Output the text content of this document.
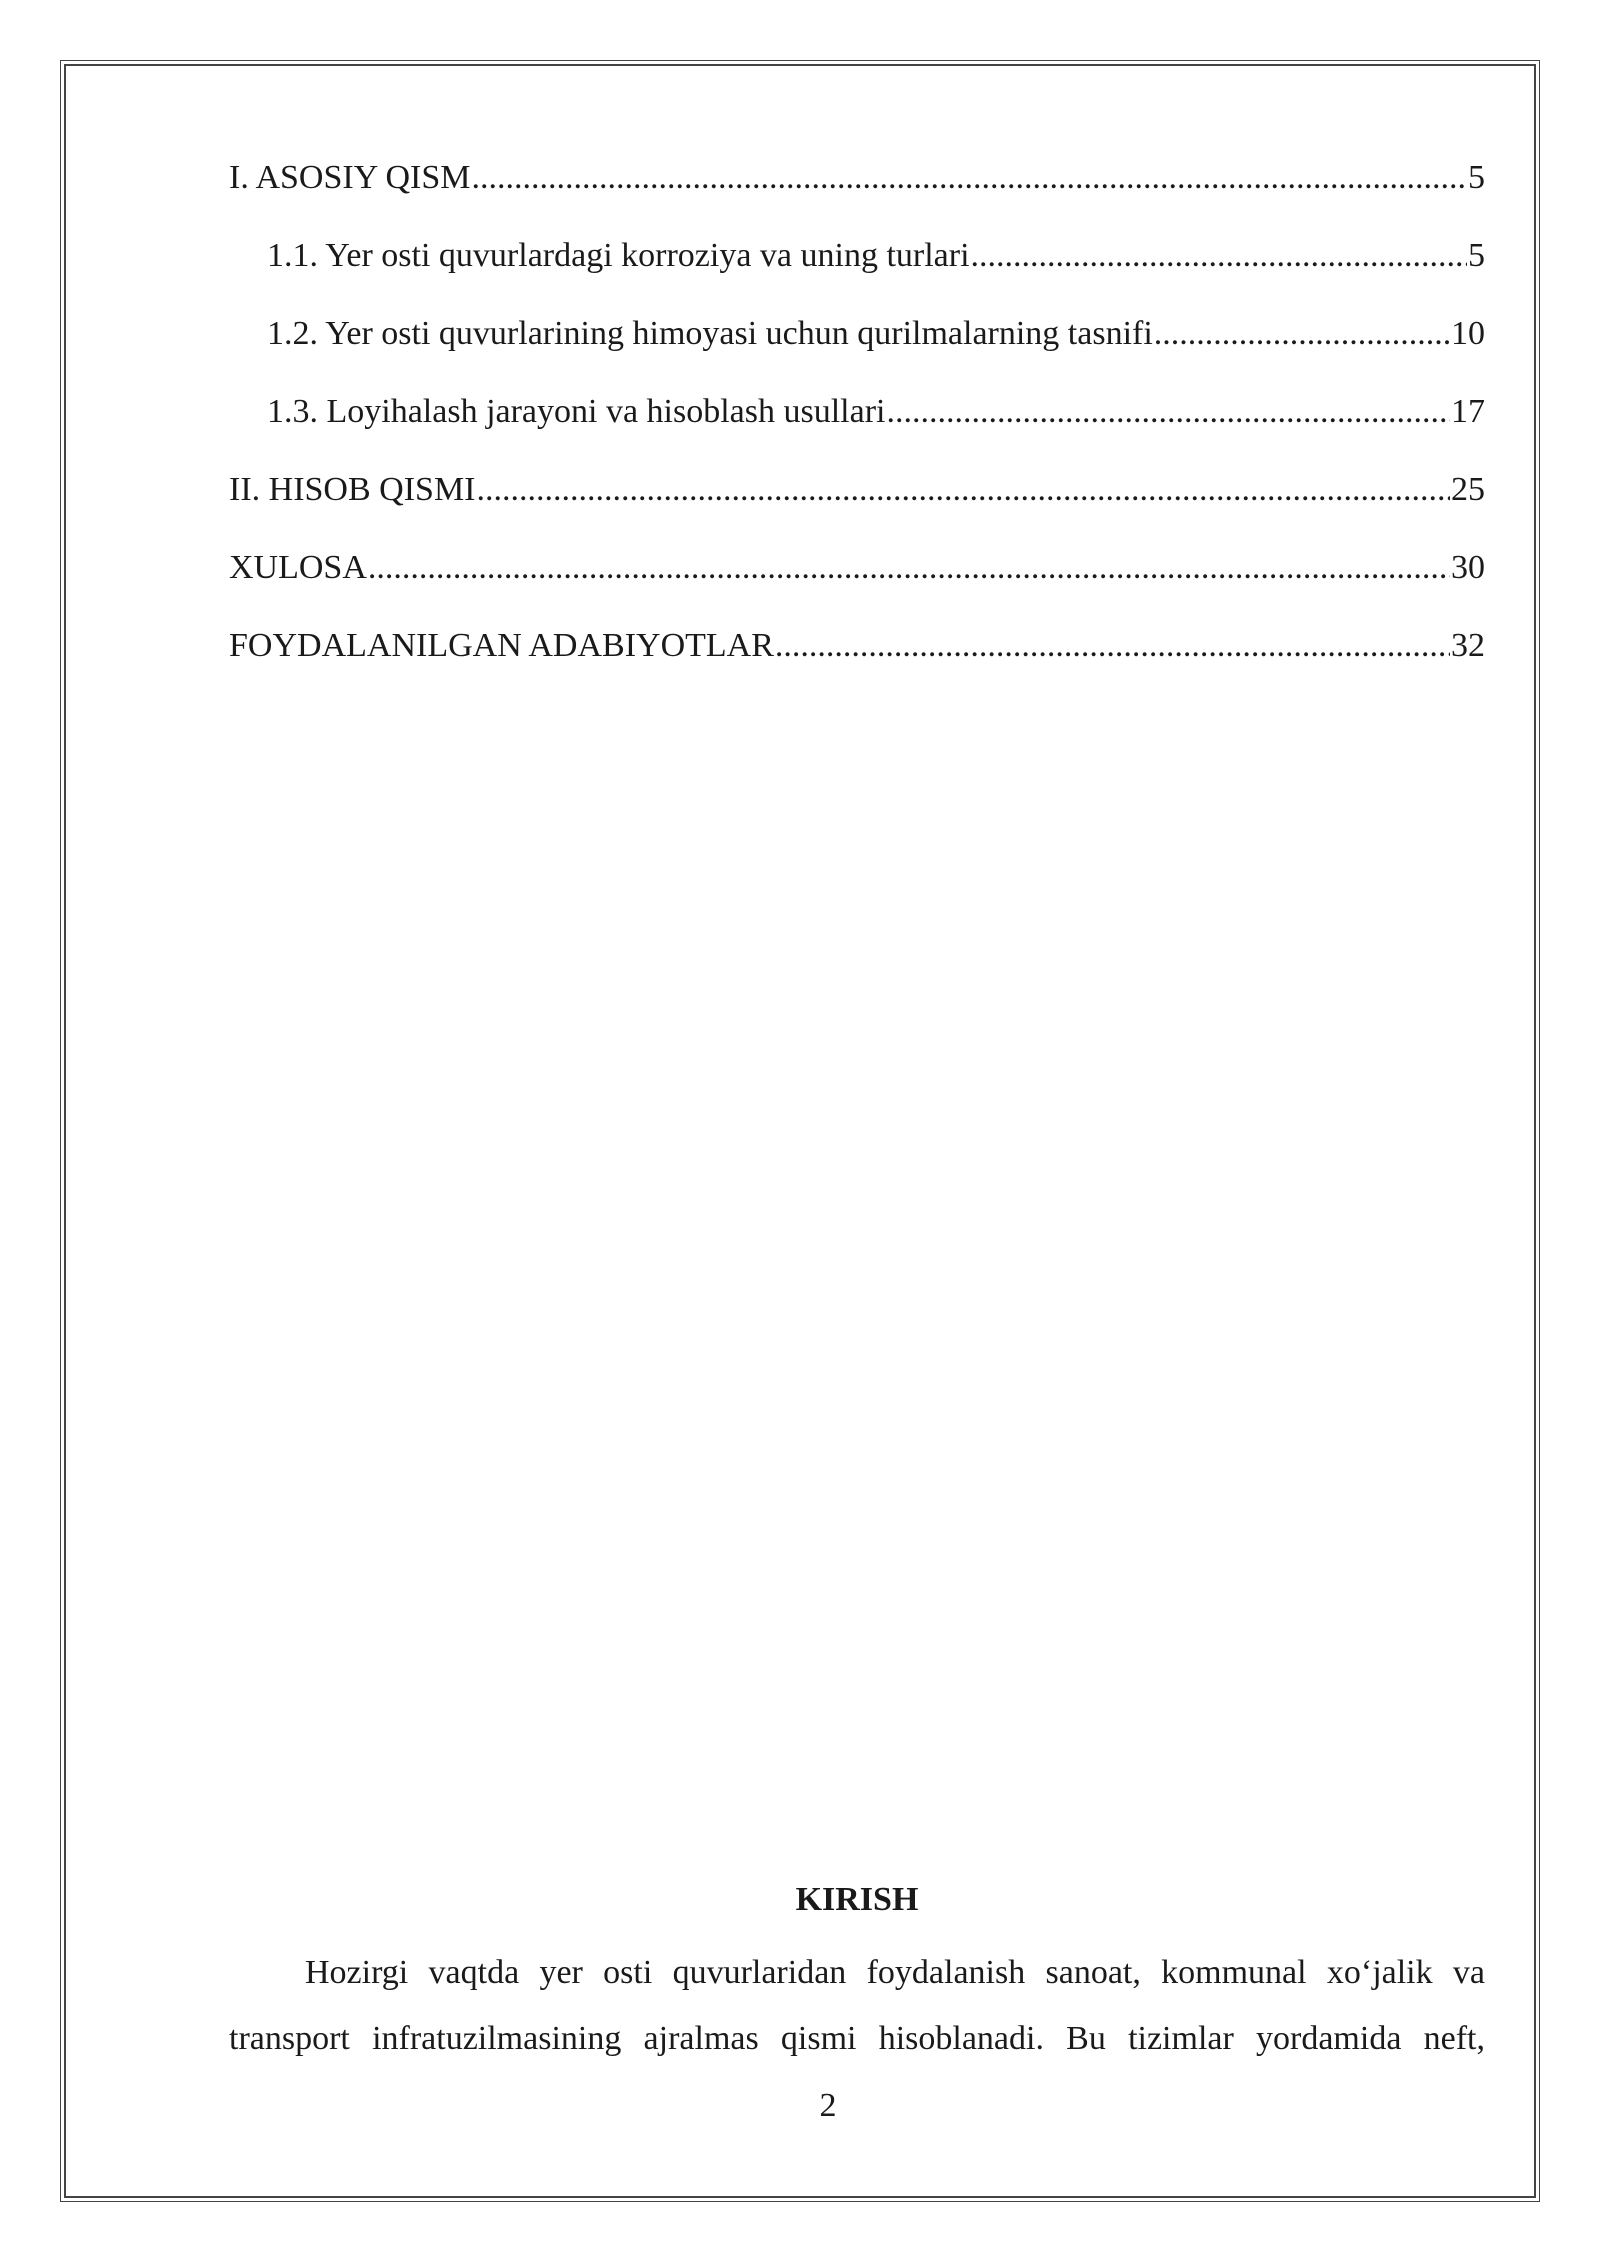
I. ASOSIY QISM .....	5
1.1. Yer osti quvurlardagi korroziya va uning turlari .....	5
1.2. Yer osti quvurlarining himoyasi uchun qurilmalarning tasnifi .....	10
1.3. Loyihalash jarayoni va hisoblash usullari .....	17
II. HISOB QISMI .....	25
XULOSA .....	30
FOYDALANILGAN ADABIYOTLAR .....	32
KIRISH

Hozirgi vaqtda yer osti quvurlaridan foydalanish sanoat, kommunal xo‘jalik va transport infratuzilmasining ajralmas qismi hisoblanadi. Bu tizimlar yordamida neft,

2
